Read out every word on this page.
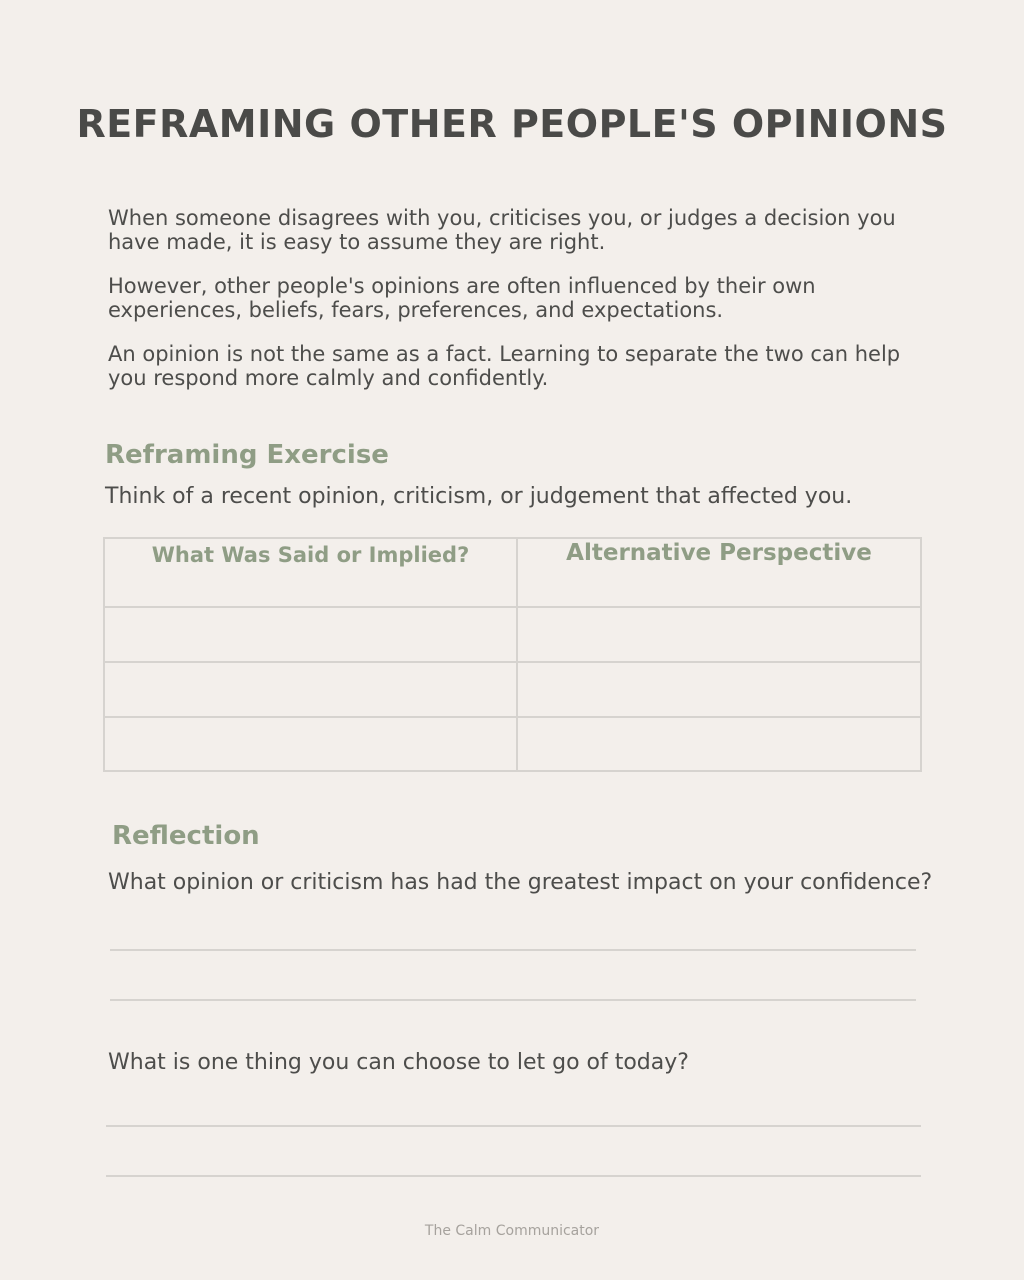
REFRAMING OTHER PEOPLE'S OPINIONS

When someone disagrees with you, criticises you, or judges a decision you have made, it is easy to assume they are right.

However, other people's opinions are often influenced by their own experiences, beliefs, fears, preferences, and expectations.

An opinion is not the same as a fact. Learning to separate the two can help you respond more calmly and confidently.

Reframing Exercise

Think of a recent opinion, criticism, or judgement that affected you.

What Was Said or Implied?	Alternative Perspective

Reflection

What opinion or criticism has had the greatest impact on your confidence?

What is one thing you can choose to let go of today?

The Calm Communicator
